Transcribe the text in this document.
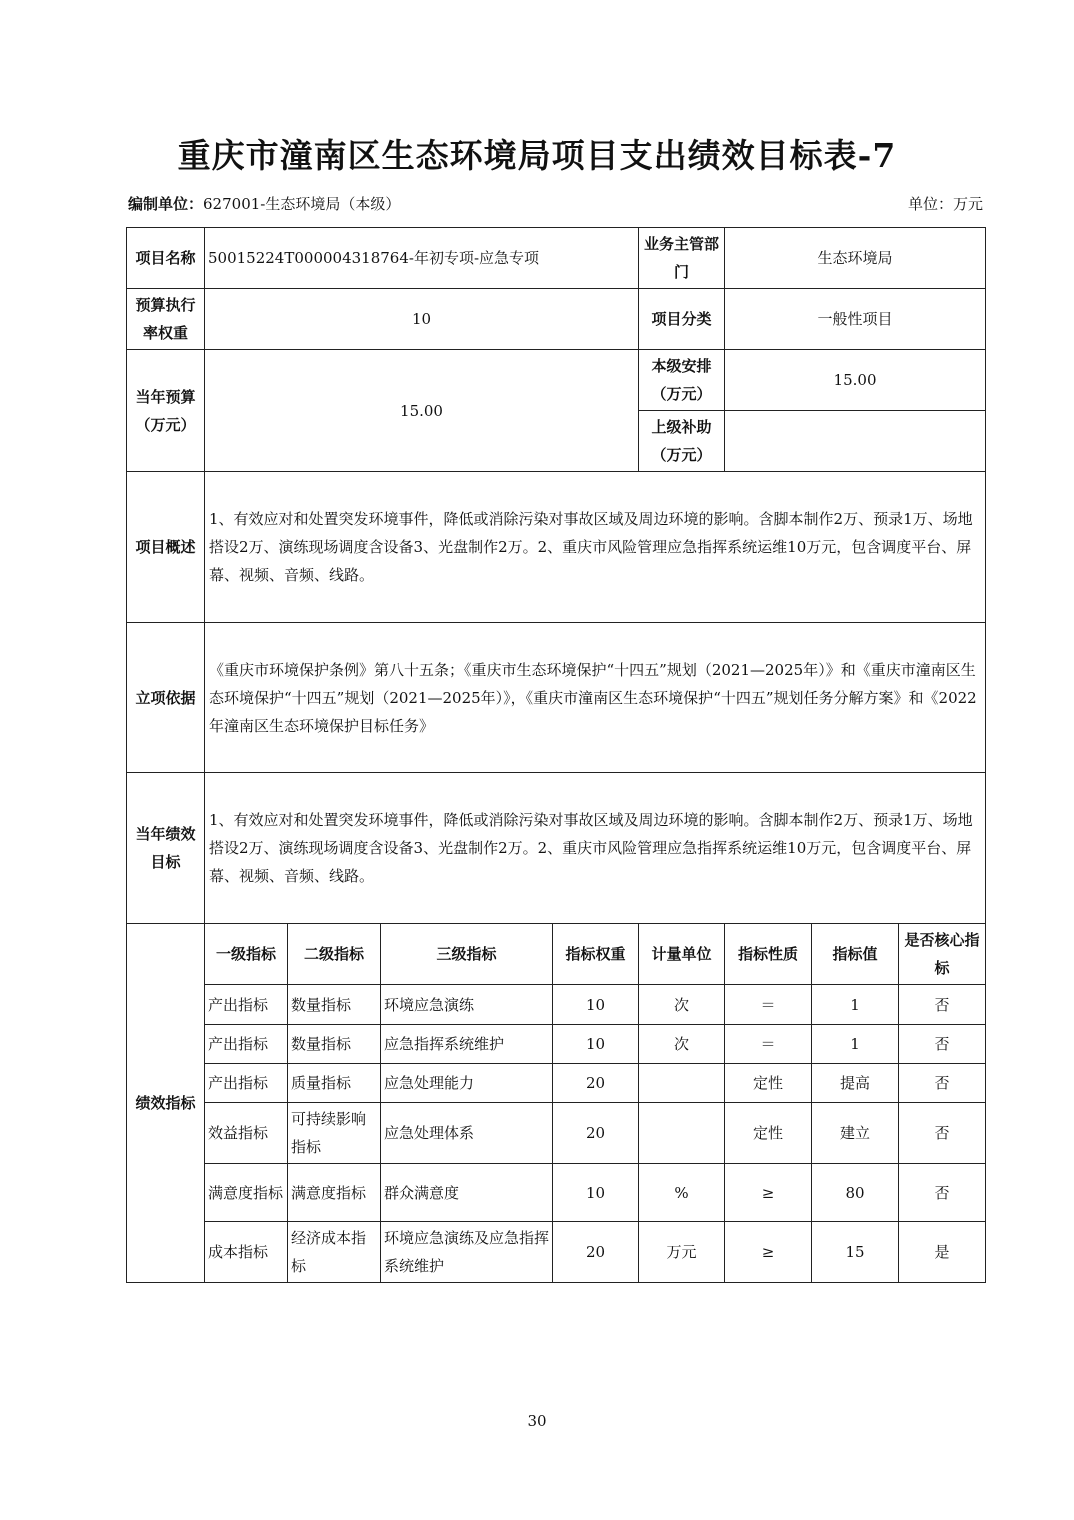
重庆市潼南区生态环境局项目支出绩效目标表-7
编制单位：627001-生态环境局（本级）	单位：万元
项目名称	50015224T000004318764-年初专项-应急专项				业务主管部门	生态环境局		
预算执行率权重	10				项目分类	一般性项目		
当年预算（万元）	15.00				本级安排（万元）	15.00		
					上级补助（万元）			
项目概述	1、有效应对和处置突发环境事件，降低或消除污染对事故区域及周边环境的影响。含脚本制作2万、预录1万、场地搭设2万、演练现场调度含设备3、光盘制作2万。2、重庆市风险管理应急指挥系统运维10万元，包含调度平台、屏幕、视频、音频、线路。							
立项依据	《重庆市环境保护条例》第八十五条；《重庆市生态环境保护“十四五”规划（2021—2025年）》和《重庆市潼南区生态环境保护“十四五”规划（2021—2025年）》，《重庆市潼南区生态环境保护“十四五”规划任务分解方案》和《2022年潼南区生态环境保护目标任务》							
当年绩效目标	1、有效应对和处置突发环境事件，降低或消除污染对事故区域及周边环境的影响。含脚本制作2万、预录1万、场地搭设2万、演练现场调度含设备3、光盘制作2万。2、重庆市风险管理应急指挥系统运维10万元，包含调度平台、屏幕、视频、音频、线路。							
绩效指标	一级指标	二级指标	三级指标	指标权重	计量单位	指标性质	指标值	是否核心指标
	产出指标	数量指标	环境应急演练	10	次	＝	1	否
	产出指标	数量指标	应急指挥系统维护	10	次	＝	1	否
	产出指标	质量指标	应急处理能力	20		定性	提高	否
	效益指标	可持续影响指标	应急处理体系	20		定性	建立	否
	满意度指标	满意度指标	群众满意度	10	%	≥	80	否
	成本指标	经济成本指标	环境应急演练及应急指挥系统维护	20	万元	≥	15	是
30
